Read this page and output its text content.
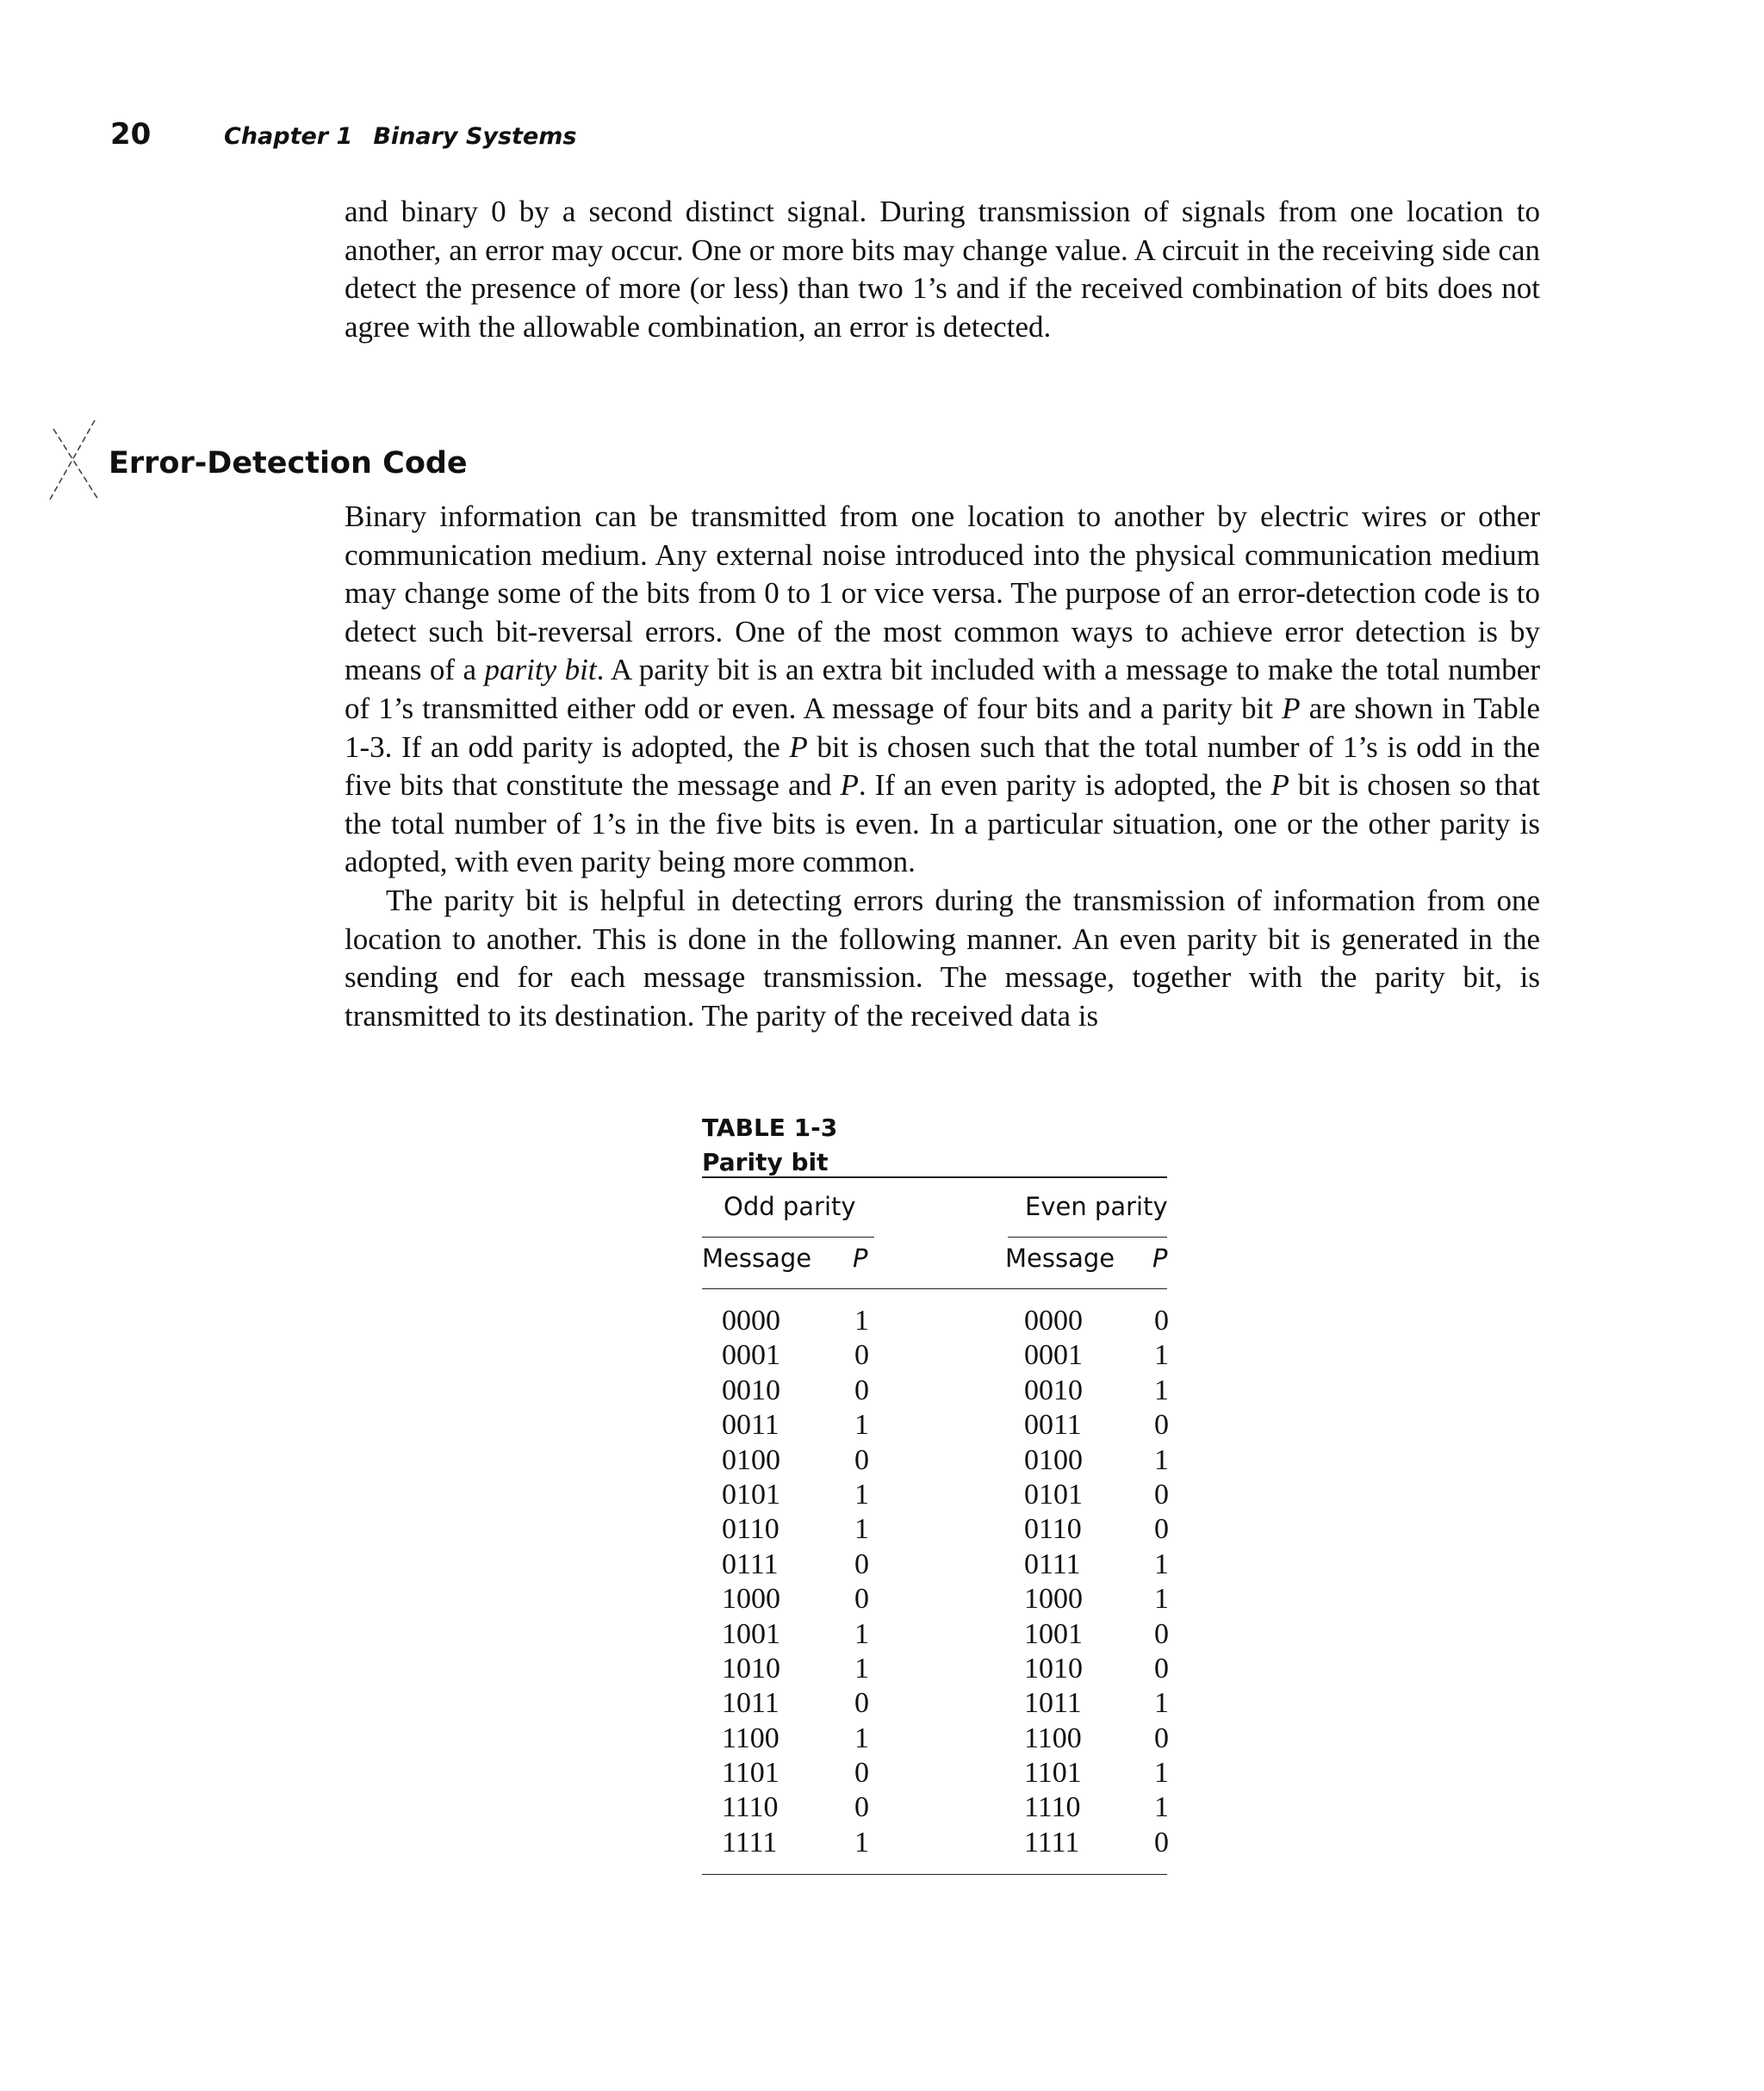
20	Chapter 1 Binary Systems

and binary 0 by a second distinct signal. During transmission of signals from one location to another, an error may occur. One or more bits may change value. A circuit in the receiving side can detect the presence of more (or less) than two 1’s and if the received combination of bits does not agree with the allowable combination, an error is detected.

Error-Detection Code

Binary information can be transmitted from one location to another by electric wires or other communication medium. Any external noise introduced into the physical communication medium may change some of the bits from 0 to 1 or vice versa. The purpose of an error-detection code is to detect such bit-reversal errors. One of the most common ways to achieve error detection is by means of a parity bit. A parity bit is an extra bit included with a message to make the total number of 1’s transmitted either odd or even. A message of four bits and a parity bit P are shown in Table 1-3. If an odd parity is adopted, the P bit is chosen such that the total number of 1’s is odd in the five bits that constitute the message and P. If an even parity is adopted, the P bit is chosen so that the total number of 1’s in the five bits is even. In a particular situation, one or the other parity is adopted, with even parity being more common.

The parity bit is helpful in detecting errors during the transmission of information from one location to another. This is done in the following manner. An even parity bit is generated in the sending end for each message transmission. The message, together with the parity bit, is transmitted to its destination. The parity of the received data is

TABLE 1-3
Parity bit
Odd parity	Even parity
Message P	Message P
0000	1	0000 0
0001	0	0001 1
0010	0	0010 1
0011	1	0011 0
0100	0	0100 1
0101	1	0101 0
0110	1	0110 0
0111	0	0111	1
1000	0	1000 1
1001	1	1001 0
1010	1	1010 0
1011	0	1011 1
1100	1	1100 0
1101	0	1101 1
1110	0	1110	1
1111	1	1111	0
